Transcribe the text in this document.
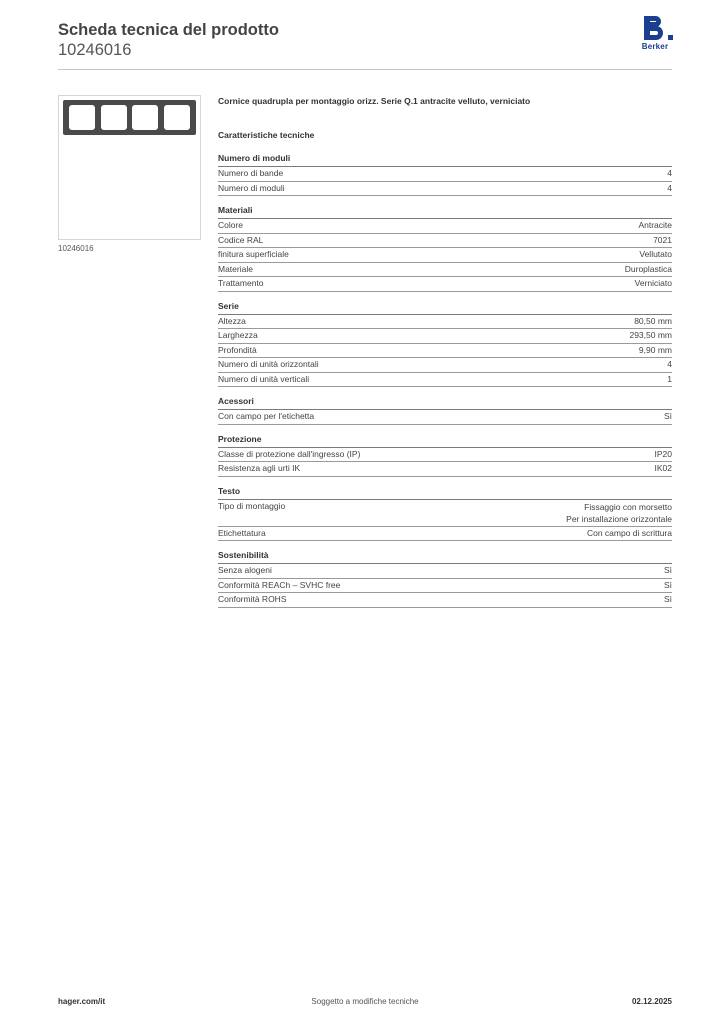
Scheda tecnica del prodotto
10246016	Berker
10246016
Cornice quadrupla per montaggio orizz. Serie Q.1 antracite velluto, verniciato
Caratteristiche tecniche
Numero di moduli
Numero di bande	4
Numero di moduli	4
Materiali
Colore	Antracite
Codice RAL	7021
finitura superficiale	Vellutato
Materiale	Duroplastica
Trattamento	Verniciato
Serie
Altezza	80,50 mm
Larghezza	293,50 mm
Profondità	9,90 mm
Numero di unità orizzontali	4
Numero di unità verticali	1
Acessori
Con campo per l'etichetta	Sì
Protezione
Classe di protezione dall'ingresso (IP)	IP20
Resistenza agli urti IK	IK02
Testo
Tipo di montaggio	Fissaggio con morsetto
Per installazione orizzontale
Etichettatura	Con campo di scrittura
Sostenibilità
Senza alogeni	Sì
Conformità REACh – SVHC free	Sì
Conformità ROHS	Sì
hager.com/it	Soggetto a modifiche tecniche	02.12.2025
